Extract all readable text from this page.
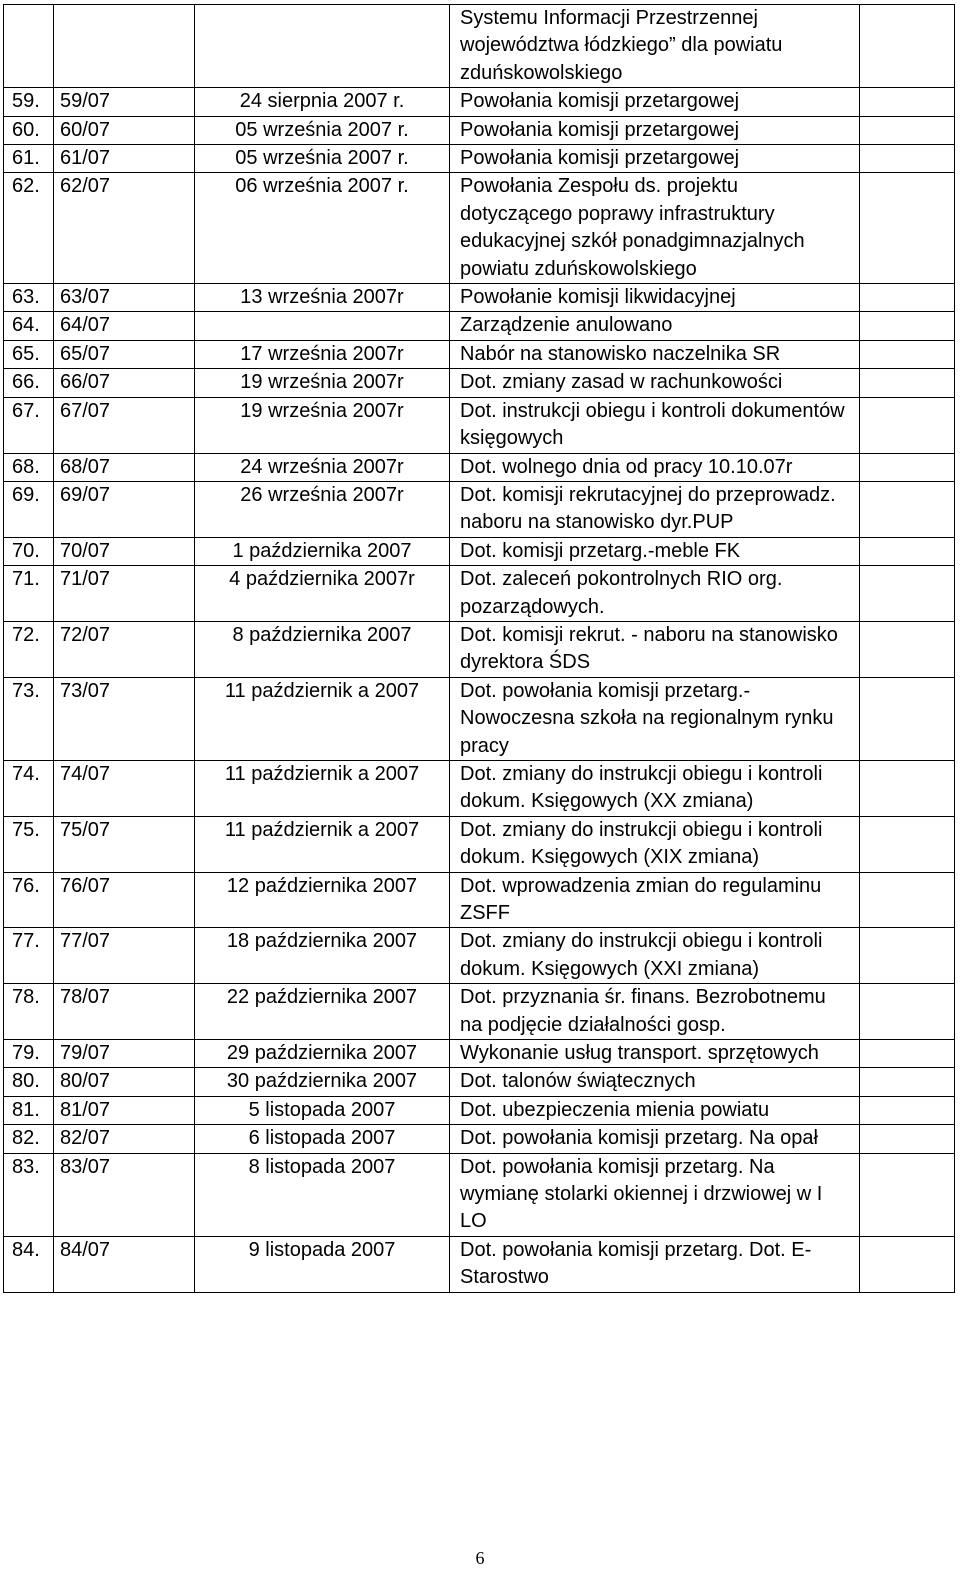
			Systemu Informacji Przestrzennej województwa łódzkiego” dla powiatu zduńskowolskiego	
59.	59/07	24 sierpnia 2007 r.	Powołania komisji przetargowej	
60.	60/07	05 września 2007 r.	Powołania komisji przetargowej	
61.	61/07	05 września 2007 r.	Powołania komisji przetargowej	
62.	62/07	06 września 2007 r.	Powołania Zespołu ds. projektu dotyczącego poprawy infrastruktury edukacyjnej szkół ponadgimnazjalnych powiatu zduńskowolskiego	
63.	63/07	13 września 2007r	Powołanie komisji likwidacyjnej	
64.	64/07		Zarządzenie anulowano	
65.	65/07	17 września 2007r	Nabór na stanowisko naczelnika SR	
66.	66/07	19 września 2007r	Dot. zmiany zasad w rachunkowości	
67.	67/07	19 września 2007r	Dot. instrukcji obiegu i kontroli dokumentów księgowych	
68.	68/07	24 września 2007r	Dot. wolnego dnia od pracy 10.10.07r	
69.	69/07	26 września 2007r	Dot. komisji rekrutacyjnej do przeprowadz. naboru na stanowisko dyr.PUP	
70.	70/07	1 października 2007	Dot. komisji przetarg.-meble FK	
71.	71/07	4 października 2007r	Dot. zaleceń pokontrolnych RIO org. pozarządowych.	
72.	72/07	8 października 2007	Dot. komisji rekrut. - naboru na stanowisko dyrektora ŚDS	
73.	73/07	11 październik a 2007	Dot. powołania komisji przetarg.- Nowoczesna szkoła na regionalnym rynku pracy	
74.	74/07	11 październik a 2007	Dot. zmiany do instrukcji obiegu i kontroli dokum. Księgowych (XX zmiana)	
75.	75/07	11 październik a 2007	Dot. zmiany do instrukcji obiegu i kontroli dokum. Księgowych (XIX zmiana)	
76.	76/07	12 października 2007	Dot. wprowadzenia zmian do regulaminu ZSFF	
77.	77/07	18 października 2007	Dot. zmiany do instrukcji obiegu i kontroli dokum. Księgowych (XXI zmiana)	
78.	78/07	22 października 2007	Dot. przyznania śr. finans. Bezrobotnemu na podjęcie działalności gosp.	
79.	79/07	29 października 2007	Wykonanie usług transport. sprzętowych	
80.	80/07	30 października 2007	Dot. talonów świątecznych	
81.	81/07	5 listopada 2007	Dot. ubezpieczenia mienia powiatu	
82.	82/07	6 listopada 2007	Dot. powołania komisji przetarg. Na opał	
83.	83/07	8 listopada 2007	Dot. powołania komisji przetarg. Na wymianę stolarki okiennej i drzwiowej w I LO	
84.	84/07	9 listopada 2007	Dot. powołania komisji przetarg. Dot. E- Starostwo	
6
